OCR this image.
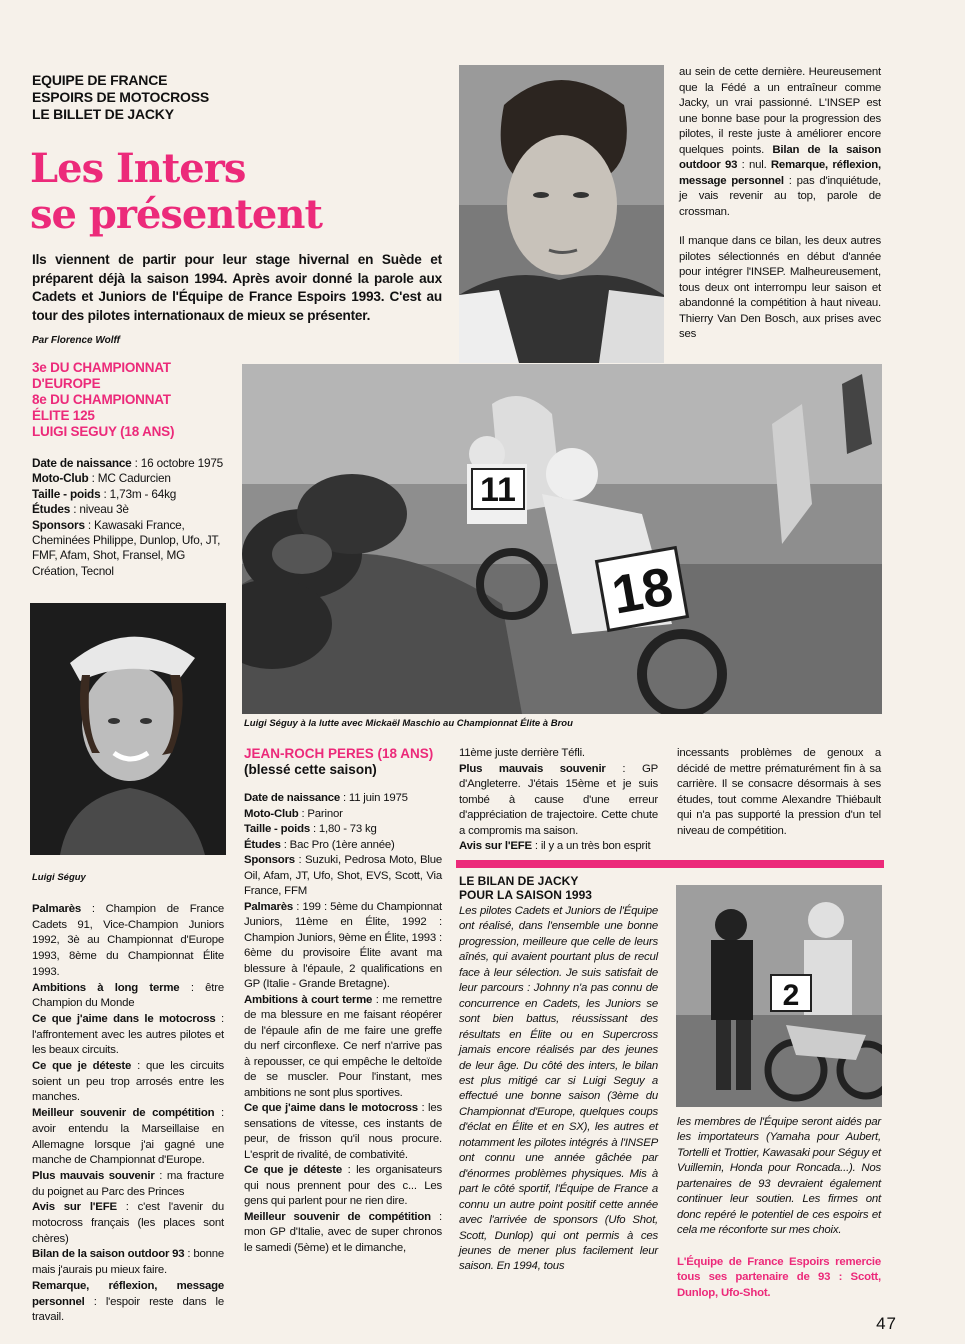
EQUIPE DE FRANCE
ESPOIRS DE MOTOCROSS
LE BILLET DE JACKY
Les Inters
se présentent
Ils viennent de partir pour leur stage hivernal en Suède et préparent déjà la saison 1994. Après avoir donné la parole aux Cadets et Juniors de l'Équipe de France Espoirs 1993. C'est au tour des pilotes internationaux de mieux se présenter.
Par Florence Wolff
3e DU CHAMPIONNAT
D'EUROPE
8e DU CHAMPIONNAT
ÉLITE 125
LUIGI SEGUY (18 ANS)

Date de naissance : 16 octobre 1975

Moto-Club : MC Cadurcien

Taille - poids : 1,73m - 64kg

Études : niveau 3è

Sponsors : Kawasaki France, Cheminées Philippe, Dunlop, Ufo, JT, FMF, Afam, Shot, Fransel, MG Création, Tecnol

Luigi Séguy

Palmarès : Champion de France Cadets 91, Vice-Champion Juniors 1992, 3è au Championnat d'Europe 1993, 8ème du Championnat Élite 1993.

Ambitions à long terme : être Champion du Monde

Ce que j'aime dans le motocross : l'affrontement avec les autres pilotes et les beaux circuits.

Ce que je déteste : que les circuits soient un peu trop arrosés entre les manches.

Meilleur souvenir de compétition : avoir entendu la Marseillaise en Allemagne lorsque j'ai gagné une manche de Championnat d'Europe.

Plus mauvais souvenir : ma fracture du poignet au Parc des Princes

Avis sur l'EFE : c'est l'avenir du motocross français (les places sont chères)

Bilan de la saison outdoor 93 : bonne mais j'aurais pu mieux faire.

Remarque, réflexion, message personnel : l'espoir reste dans le travail.

au sein de cette dernière. Heureusement que la Fédé a un entraîneur comme Jacky, un vrai passionné. L'INSEP est une bonne base pour la progression des pilotes, il reste juste à améliorer encore quelques points. Bilan de la saison outdoor 93 : nul. Remarque, réflexion, message personnel : pas d'inquiétude, je vais revenir au top, parole de crossman.

Il manque dans ce bilan, les deux autres pilotes sélectionnés en début d'année pour intégrer l'INSEP. Malheureusement, tous deux ont interrompu leur saison et abandonné la compétition à haut niveau. Thierry Van Den Bosch, aux prises avec ses

11
18
Luigi Séguy à la lutte avec Mickaël Maschio au Championnat Élite à Brou
JEAN-ROCH PERES (18 ANS)
(blessé cette saison)

Date de naissance : 11 juin 1975

Moto-Club : Parinor

Taille - poids : 1,80 - 73 kg

Études : Bac Pro (1ère année)

Sponsors : Suzuki, Pedrosa Moto, Blue Oil, Afam, JT, Ufo, Shot, EVS, Scott, Via France, FFM

Palmarès : 199 : 5ème du Championnat Juniors, 11ème en Élite, 1992 : Champion Juniors, 9ème en Élite, 1993 : 6ème du provisoire Élite avant ma blessure à l'épaule, 2 qualifications en GP (Italie - Grande Bretagne).

Ambitions à court terme : me remettre de ma blessure en me faisant réopérer de l'épaule afin de me faire une greffe du nerf circonflexe. Ce nerf n'arrive pas à repousser, ce qui empêche le deltoïde de se muscler. Pour l'instant, mes ambitions ne sont plus sportives.

Ce que j'aime dans le motocross : les sensations de vitesse, ces instants de peur, de frisson qu'il nous procure. L'esprit de rivalité, de combativité.

Ce que je déteste : les organisateurs qui nous prennent pour des c... Les gens qui parlent pour ne rien dire.

Meilleur souvenir de compétition : mon GP d'Italie, avec de super chronos le samedi (5ème) et le dimanche,

11ème juste derrière Téfli.

Plus mauvais souvenir : GP d'Angleterre. J'étais 15ème et je suis tombé à cause d'une erreur d'appréciation de trajectoire. Cette chute a compromis ma saison.

Avis sur l'EFE : il y a un très bon esprit

incessants problèmes de genoux a décidé de mettre prématurément fin à sa carrière. Il se consacre désormais à ses études, tout comme Alexandre Thiébault qui n'a pas supporté la pression d'un tel niveau de compétition.
LE BILAN DE JACKY
POUR LA SAISON 1993
Les pilotes Cadets et Juniors de l'Équipe ont réalisé, dans l'ensemble une bonne progression, meilleure que celle de leurs aînés, qui avaient pourtant plus de recul face à leur sélection. Je suis satisfait de leur parcours : Johnny n'a pas connu de concurrence en Cadets, les Juniors se sont bien battus, réussissant des résultats en Élite ou en Supercross jamais encore réalisés par des jeunes de leur âge. Du côté des inters, le bilan est plus mitigé car si Luigi Seguy a effectué une bonne saison (3ème du Championnat d'Europe, quelques coups d'éclat en Élite et en SX), les autres et notamment les pilotes intégrés à l'INSEP ont connu une année gâchée par d'énormes problèmes physiques. Mis à part le côté sportif, l'Équipe de France a connu un autre point positif cette année avec l'arrivée de sponsors (Ufo Shot, Scott, Dunlop) qui ont permis à ces jeunes de mener plus facilement leur saison. En 1994, tous
2
les membres de l'Équipe seront aidés par les importateurs (Yamaha pour Aubert, Tortelli et Trottier, Kawasaki pour Séguy et Vuillemin, Honda pour Roncada...). Nos partenaires de 93 devraient également continuer leur soutien. Les firmes ont donc repéré le potentiel de ces espoirs et cela me réconforte sur mes choix.
L'Équipe de France Espoirs remercie tous ses partenaire de 93 : Scott, Dunlop, Ufo-Shot.
47
